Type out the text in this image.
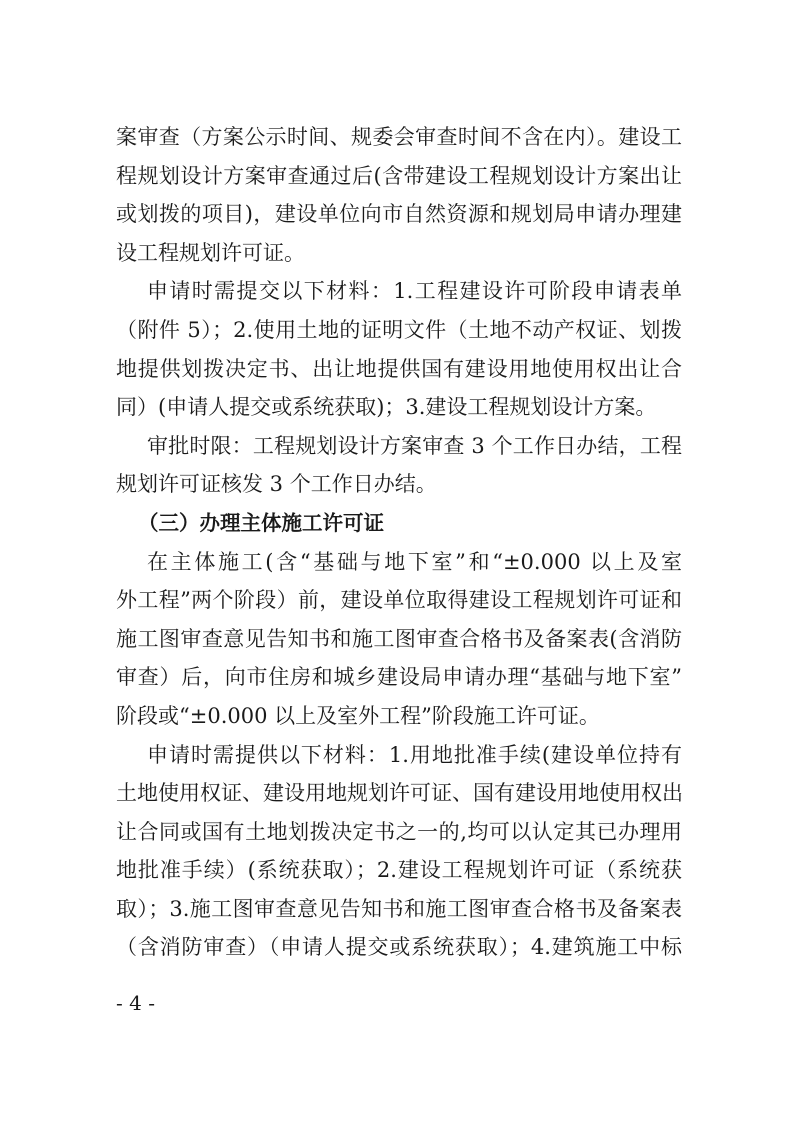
案审查（方案公示时间、规委会审查时间不含在内）。建设工
程规划设计方案审查通过后(含带建设工程规划设计方案出让
或划拨的项目)，建设单位向市自然资源和规划局申请办理建
设工程规划许可证。
申请时需提交以下材料：1.工程建设许可阶段申请表单
（附件 5）；2.使用土地的证明文件（土地不动产权证、划拨
地提供划拨决定书、出让地提供国有建设用地使用权出让合
同）(申请人提交或系统获取)；3.建设工程规划设计方案。
审批时限：工程规划设计方案审查 3 个工作日办结，工程
规划许可证核发 3 个工作日办结。
（三）办理主体施工许可证
在主体施工(含“基础与地下室”和“±0.000 以上及室
外工程”两个阶段）前，建设单位取得建设工程规划许可证和
施工图审查意见告知书和施工图审查合格书及备案表(含消防
审查）后，向市住房和城乡建设局申请办理“基础与地下室”
阶段或“±0.000 以上及室外工程”阶段施工许可证。
申请时需提供以下材料：1.用地批准手续(建设单位持有
土地使用权证、建设用地规划许可证、国有建设用地使用权出
让合同或国有土地划拨决定书之一的,均可以认定其已办理用
地批准手续）(系统获取）；2.建设工程规划许可证（系统获
取）；3.施工图审查意见告知书和施工图审查合格书及备案表
（含消防审查）（申请人提交或系统获取）；4.建筑施工中标
- 4 -
